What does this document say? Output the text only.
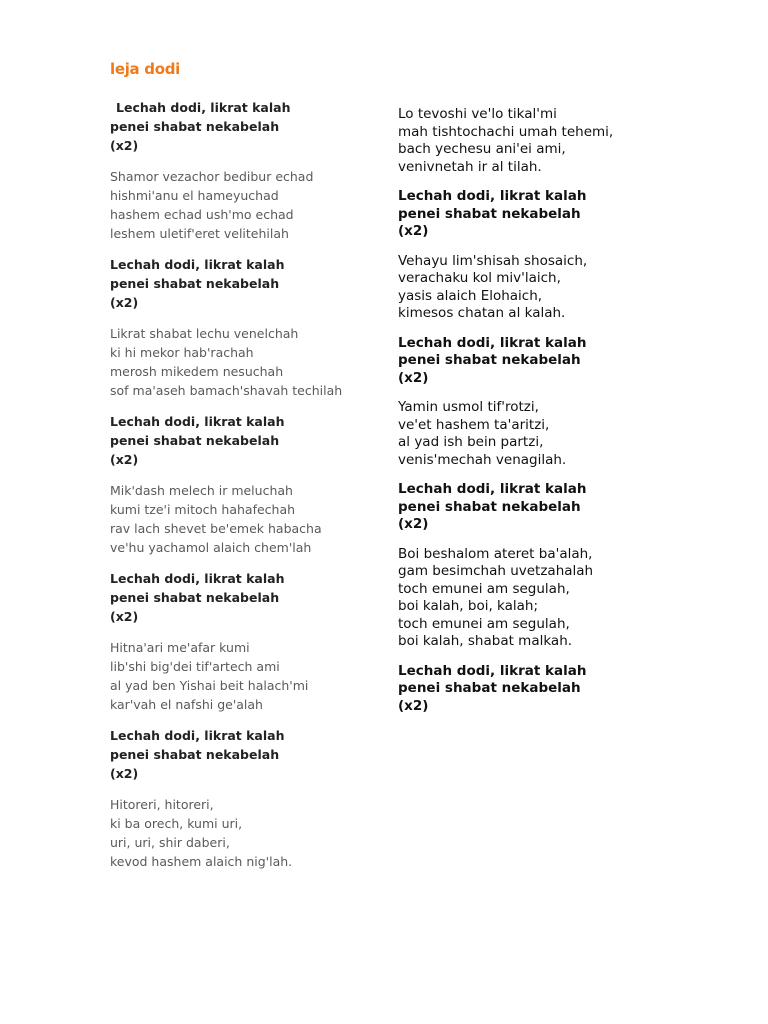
leja dodi
Lechah dodi, likrat kalah
penei shabat nekabelah
(x2)
Shamor vezachor bedibur echad
hishmi'anu el hameyuchad
hashem echad ush'mo echad
leshem uletif'eret velitehilah
Lechah dodi, likrat kalah
penei shabat nekabelah
(x2)
Likrat shabat lechu venelchah
ki hi mekor hab'rachah
merosh mikedem nesuchah
sof ma'aseh bamach'shavah techilah
Lechah dodi, likrat kalah
penei shabat nekabelah
(x2)
Mik'dash melech ir meluchah
kumi tze'i mitoch hahafechah
rav lach shevet be'emek habacha
ve'hu yachamol alaich chem'lah
Lechah dodi, likrat kalah
penei shabat nekabelah
(x2)
Hitna'ari me'afar kumi
lib'shi big'dei tif'artech ami
al yad ben Yishai beit halach'mi
kar'vah el nafshi ge'alah
Lechah dodi, likrat kalah
penei shabat nekabelah
(x2)
Hitoreri, hitoreri,
ki ba orech, kumi uri,
uri, uri, shir daberi,
kevod hashem alaich nig'lah.
Lo tevoshi ve'lo tikal'mi
mah tishtochachi umah tehemi,
bach yechesu ani'ei ami,
venivnetah ir al tilah.
Lechah dodi, likrat kalah
penei shabat nekabelah
(x2)
Vehayu lim'shisah shosaich,
verachaku kol miv'laich,
yasis alaich Elohaich,
kimesos chatan al kalah.
Lechah dodi, likrat kalah
penei shabat nekabelah
(x2)
Yamin usmol tif'rotzi,
ve'et hashem ta'aritzi,
al yad ish bein partzi,
venis'mechah venagilah.
Lechah dodi, likrat kalah
penei shabat nekabelah
(x2)
Boi beshalom ateret ba'alah,
gam besimchah uvetzahalah
toch emunei am segulah,
boi kalah, boi, kalah;
toch emunei am segulah,
boi kalah, shabat malkah.
Lechah dodi, likrat kalah
penei shabat nekabelah
(x2)
